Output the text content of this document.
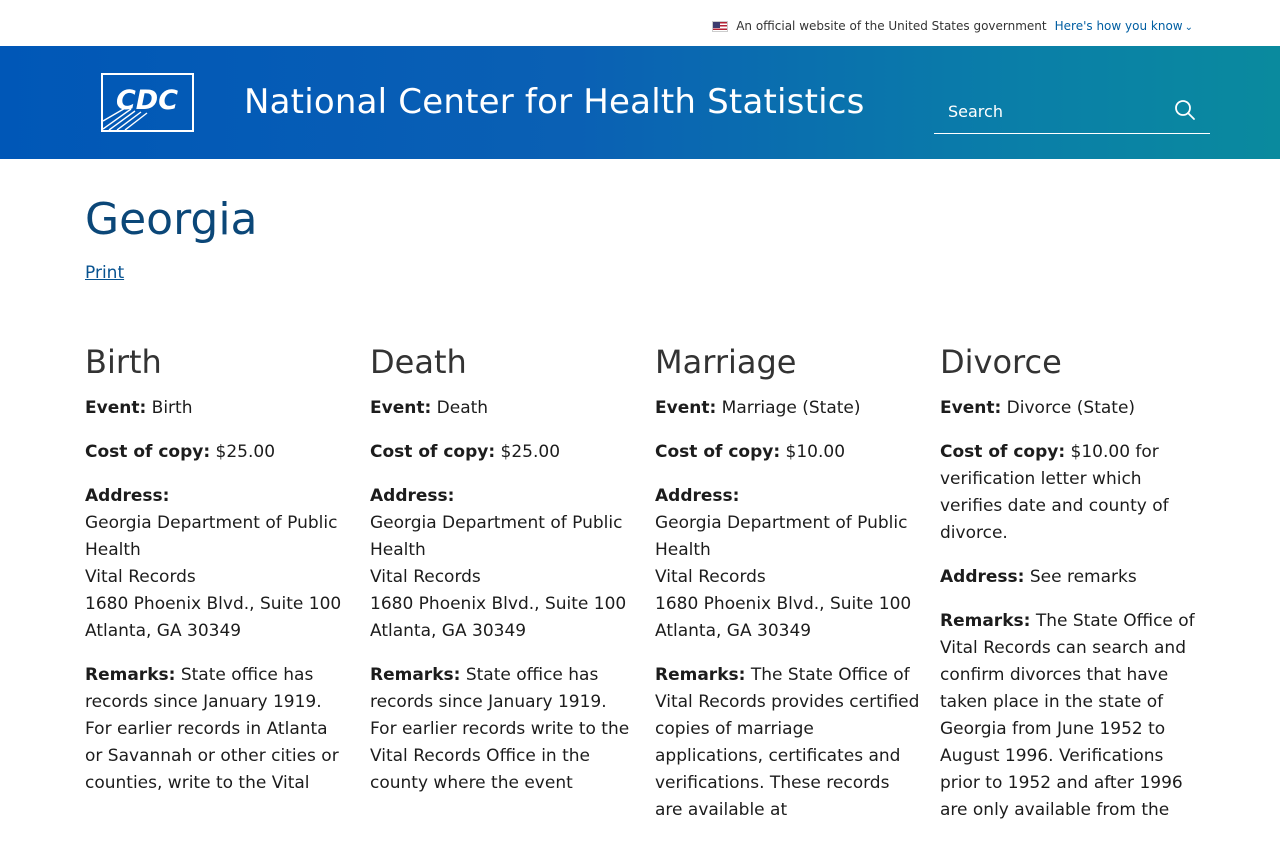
An official website of the United States government Here's how you know ⌄
CDC National Center for Health Statistics
Search
Georgia
Print
Birth

Event: Birth

Cost of copy: $25.00

Address:
Georgia Department of Public Health
Vital Records
1680 Phoenix Blvd., Suite 100
Atlanta, GA 30349

Remarks: State office has records since January 1919. For earlier records in Atlanta or Savannah or other cities or counties, write to the Vital

Death

Event: Death

Cost of copy: $25.00

Address:
Georgia Department of Public Health
Vital Records
1680 Phoenix Blvd., Suite 100
Atlanta, GA 30349

Remarks: State office has records since January 1919. For earlier records write to the Vital Records Office in the county where the event

Marriage

Event: Marriage (State)

Cost of copy: $10.00

Address:
Georgia Department of Public Health
Vital Records
1680 Phoenix Blvd., Suite 100
Atlanta, GA 30349

Remarks: The State Office of Vital Records provides certified copies of marriage applications, certificates and verifications. These records are available at

Divorce

Event: Divorce (State)

Cost of copy: $10.00 for verification letter which verifies date and county of divorce.

Address: See remarks

Remarks: The State Office of Vital Records can search and confirm divorces that have taken place in the state of Georgia from June 1952 to August 1996. Verifications prior to 1952 and after 1996 are only available from the
